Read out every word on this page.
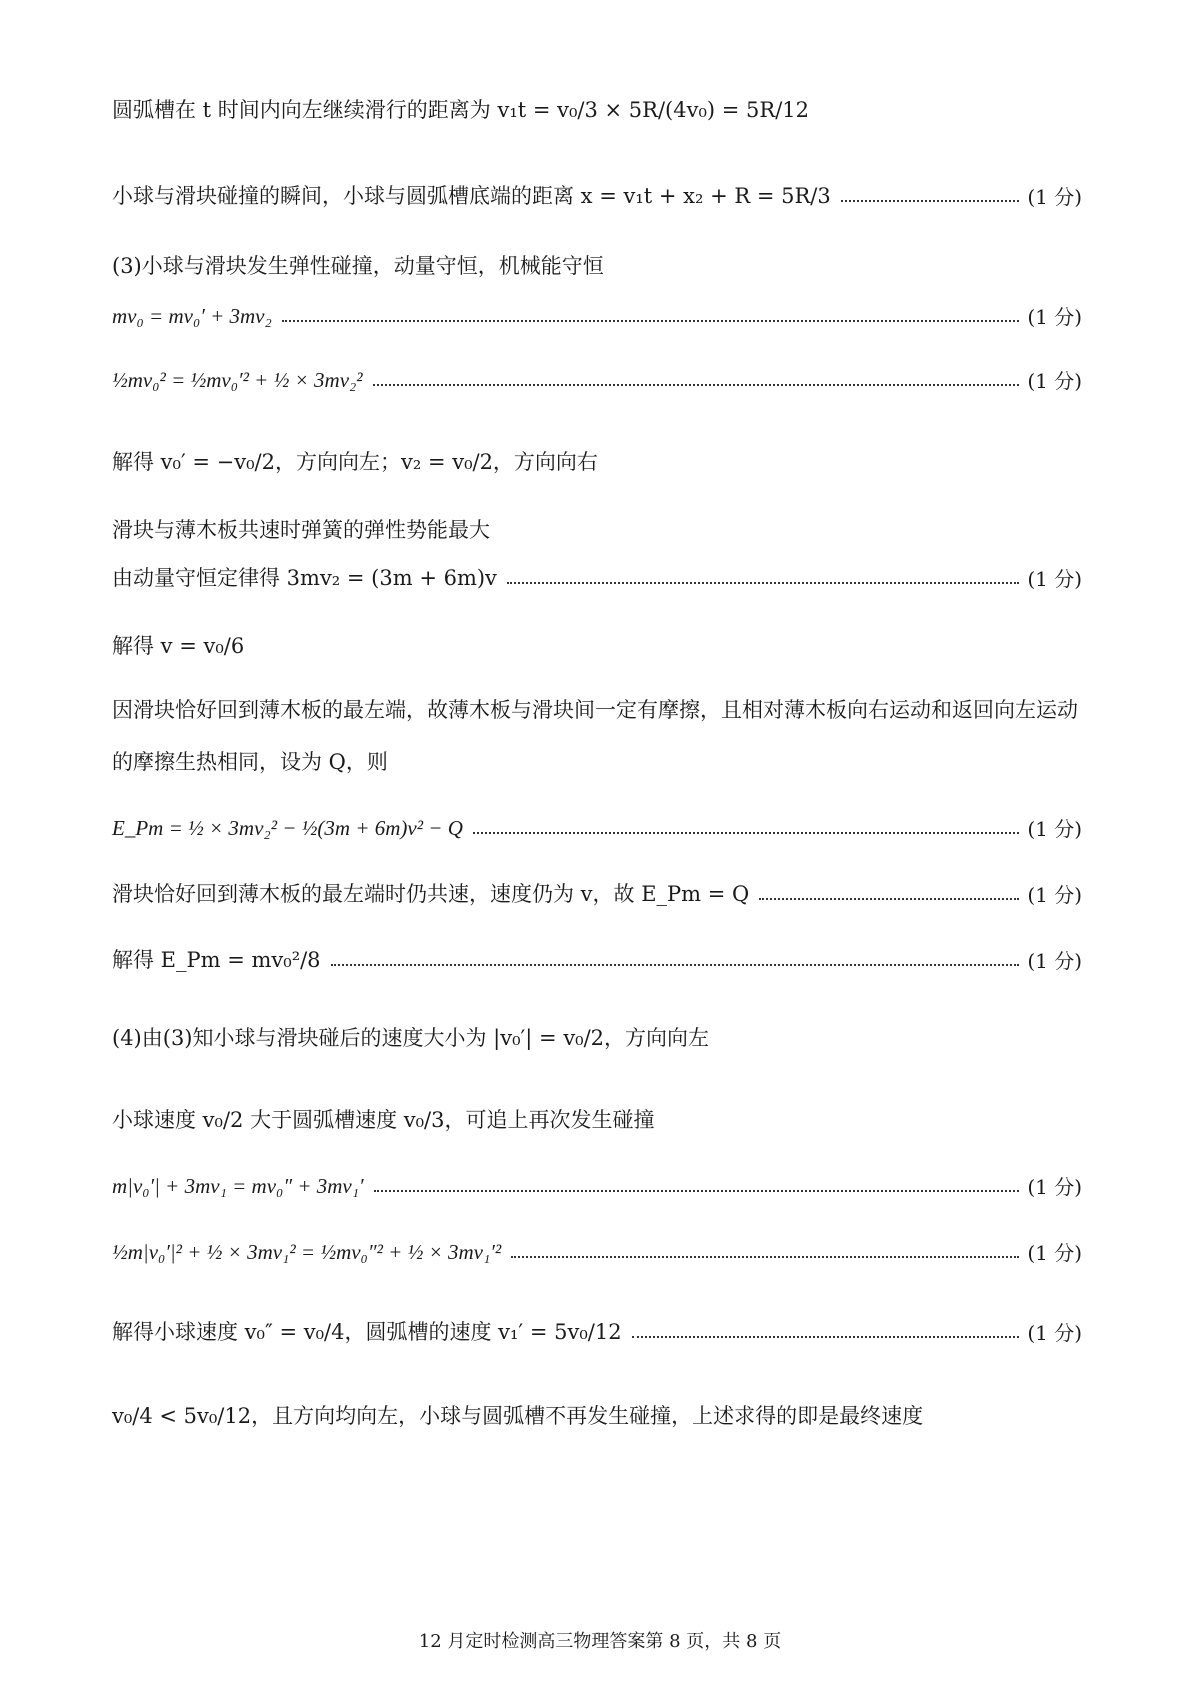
圆弧槽在 t 时间内向左继续滑行的距离为 v₁t = v₀/3 × 5R/(4v₀) = 5R/12
小球与滑块碰撞的瞬间，小球与圆弧槽底端的距离 x = v₁t + x₂ + R = 5R/3	(1 分)
(3)小球与滑块发生弹性碰撞，动量守恒，机械能守恒
mv₀ = mv₀′ + 3mv₂	(1 分)
½mv₀² = ½mv₀′² + ½ × 3mv₂²	(1 分)
解得 v₀′ = −v₀/2，方向向左；v₂ = v₀/2，方向向右
滑块与薄木板共速时弹簧的弹性势能最大
由动量守恒定律得 3mv₂ = (3m + 6m)v	(1 分)
解得 v = v₀/6
因滑块恰好回到薄木板的最左端，故薄木板与滑块间一定有摩擦，且相对薄木板向右运动和返回向左运动
的摩擦生热相同，设为 Q，则
E_Pm = ½ × 3mv₂² − ½(3m + 6m)v² − Q	(1 分)
滑块恰好回到薄木板的最左端时仍共速，速度仍为 v，故 E_Pm = Q	(1 分)
解得 E_Pm = mv₀²/8	(1 分)
(4)由(3)知小球与滑块碰后的速度大小为 |v₀′| = v₀/2，方向向左
小球速度 v₀/2 大于圆弧槽速度 v₀/3，可追上再次发生碰撞
m|v₀′| + 3mv₁ = mv₀″ + 3mv₁′	(1 分)
½m|v₀′|² + ½ × 3mv₁² = ½mv₀″² + ½ × 3mv₁′²	(1 分)
解得小球速度 v₀″ = v₀/4，圆弧槽的速度 v₁′ = 5v₀/12	(1 分)
v₀/4 < 5v₀/12，且方向均向左，小球与圆弧槽不再发生碰撞，上述求得的即是最终速度
12 月定时检测高三物理答案第 8 页，共 8 页
